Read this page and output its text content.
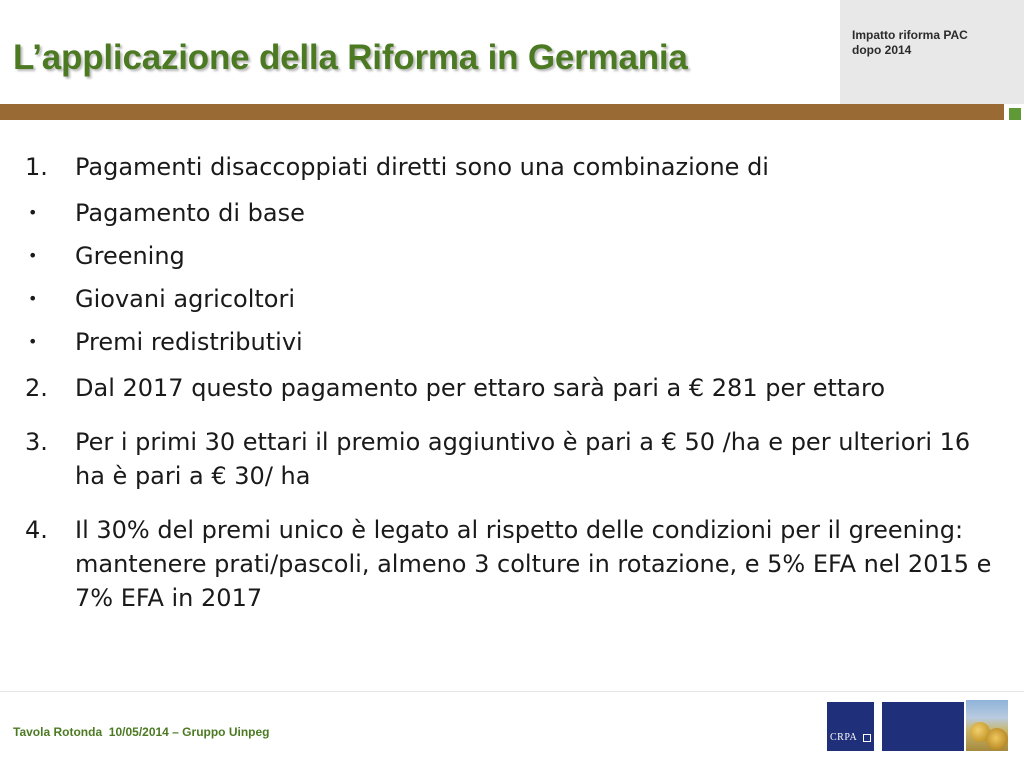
L’applicazione della Riforma in Germania
Impatto riforma PAC
dopo 2014
1.	Pagamenti disaccoppiati diretti sono una combinazione di
•	Pagamento di base
•	Greening
•	Giovani agricoltori
•	Premi redistributivi
2.	Dal 2017 questo pagamento per ettaro sarà pari a € 281 per ettaro
3.	Per i primi 30 ettari il premio aggiuntivo è pari a € 50 /ha e per ulteriori 16 ha è pari a € 30/ ha
4.	Il 30% del premi unico è legato al rispetto delle condizioni per il greening: mantenere prati/pascoli, almeno 3 colture in rotazione, e 5% EFA nel 2015 e 7% EFA in 2017
Tavola Rotonda  10/05/2014 – Gruppo Uinpeg	CRPA
